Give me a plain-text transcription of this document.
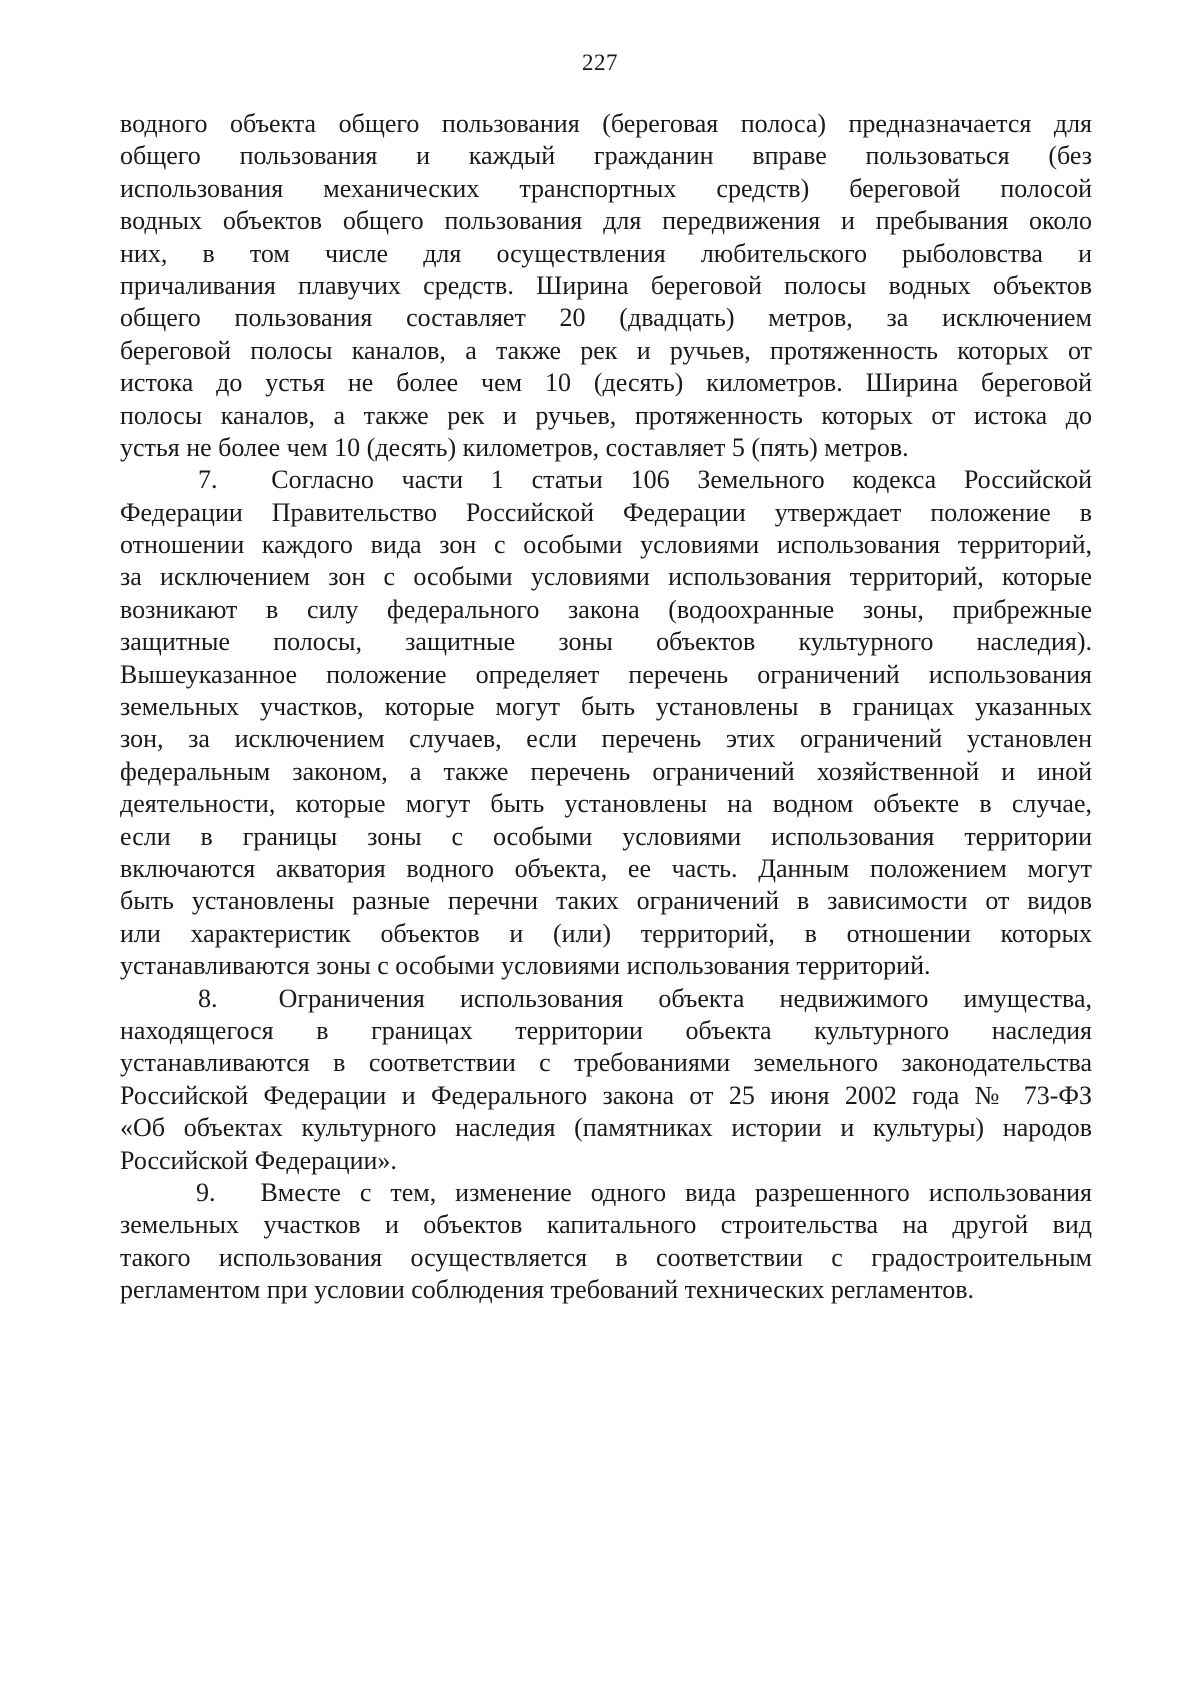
227
водного объекта общего пользования (береговая полоса) предназначается для
общего пользования и каждый гражданин вправе пользоваться (без
использования механических транспортных средств) береговой полосой
водных объектов общего пользования для передвижения и пребывания около
них, в том числе для осуществления любительского рыболовства и
причаливания плавучих средств. Ширина береговой полосы водных объектов
общего пользования составляет 20 (двадцать) метров, за исключением
береговой полосы каналов, а также рек и ручьев, протяженность которых от
истока до устья не более чем 10 (десять) километров. Ширина береговой
полосы каналов, а также рек и ручьев, протяженность которых от истока до
устья не более чем 10 (десять) километров, составляет 5 (пять) метров.
7.  Согласно части 1 статьи 106 Земельного кодекса Российской
Федерации Правительство Российской Федерации утверждает положение в
отношении каждого вида зон с особыми условиями использования территорий,
за исключением зон с особыми условиями использования территорий, которые
возникают в силу федерального закона (водоохранные зоны, прибрежные
защитные полосы, защитные зоны объектов культурного наследия).
Вышеуказанное положение определяет перечень ограничений использования
земельных участков, которые могут быть установлены в границах указанных
зон, за исключением случаев, если перечень этих ограничений установлен
федеральным законом, а также перечень ограничений хозяйственной и иной
деятельности, которые могут быть установлены на водном объекте в случае,
если в границы зоны с особыми условиями использования территории
включаются акватория водного объекта, ее часть. Данным положением могут
быть установлены разные перечни таких ограничений в зависимости от видов
или характеристик объектов и (или) территорий, в отношении которых
устанавливаются зоны с особыми условиями использования территорий.
8.  Ограничения использования объекта недвижимого имущества,
находящегося в границах территории объекта культурного наследия
устанавливаются в соответствии с требованиями земельного законодательства
Российской Федерации и Федерального закона от 25 июня 2002 года № 73-ФЗ
«Об объектах культурного наследия (памятниках истории и культуры) народов
Российской Федерации».
9.  Вместе с тем, изменение одного вида разрешенного использования
земельных участков и объектов капитального строительства на другой вид
такого использования осуществляется в соответствии с градостроительным
регламентом при условии соблюдения требований технических регламентов.
